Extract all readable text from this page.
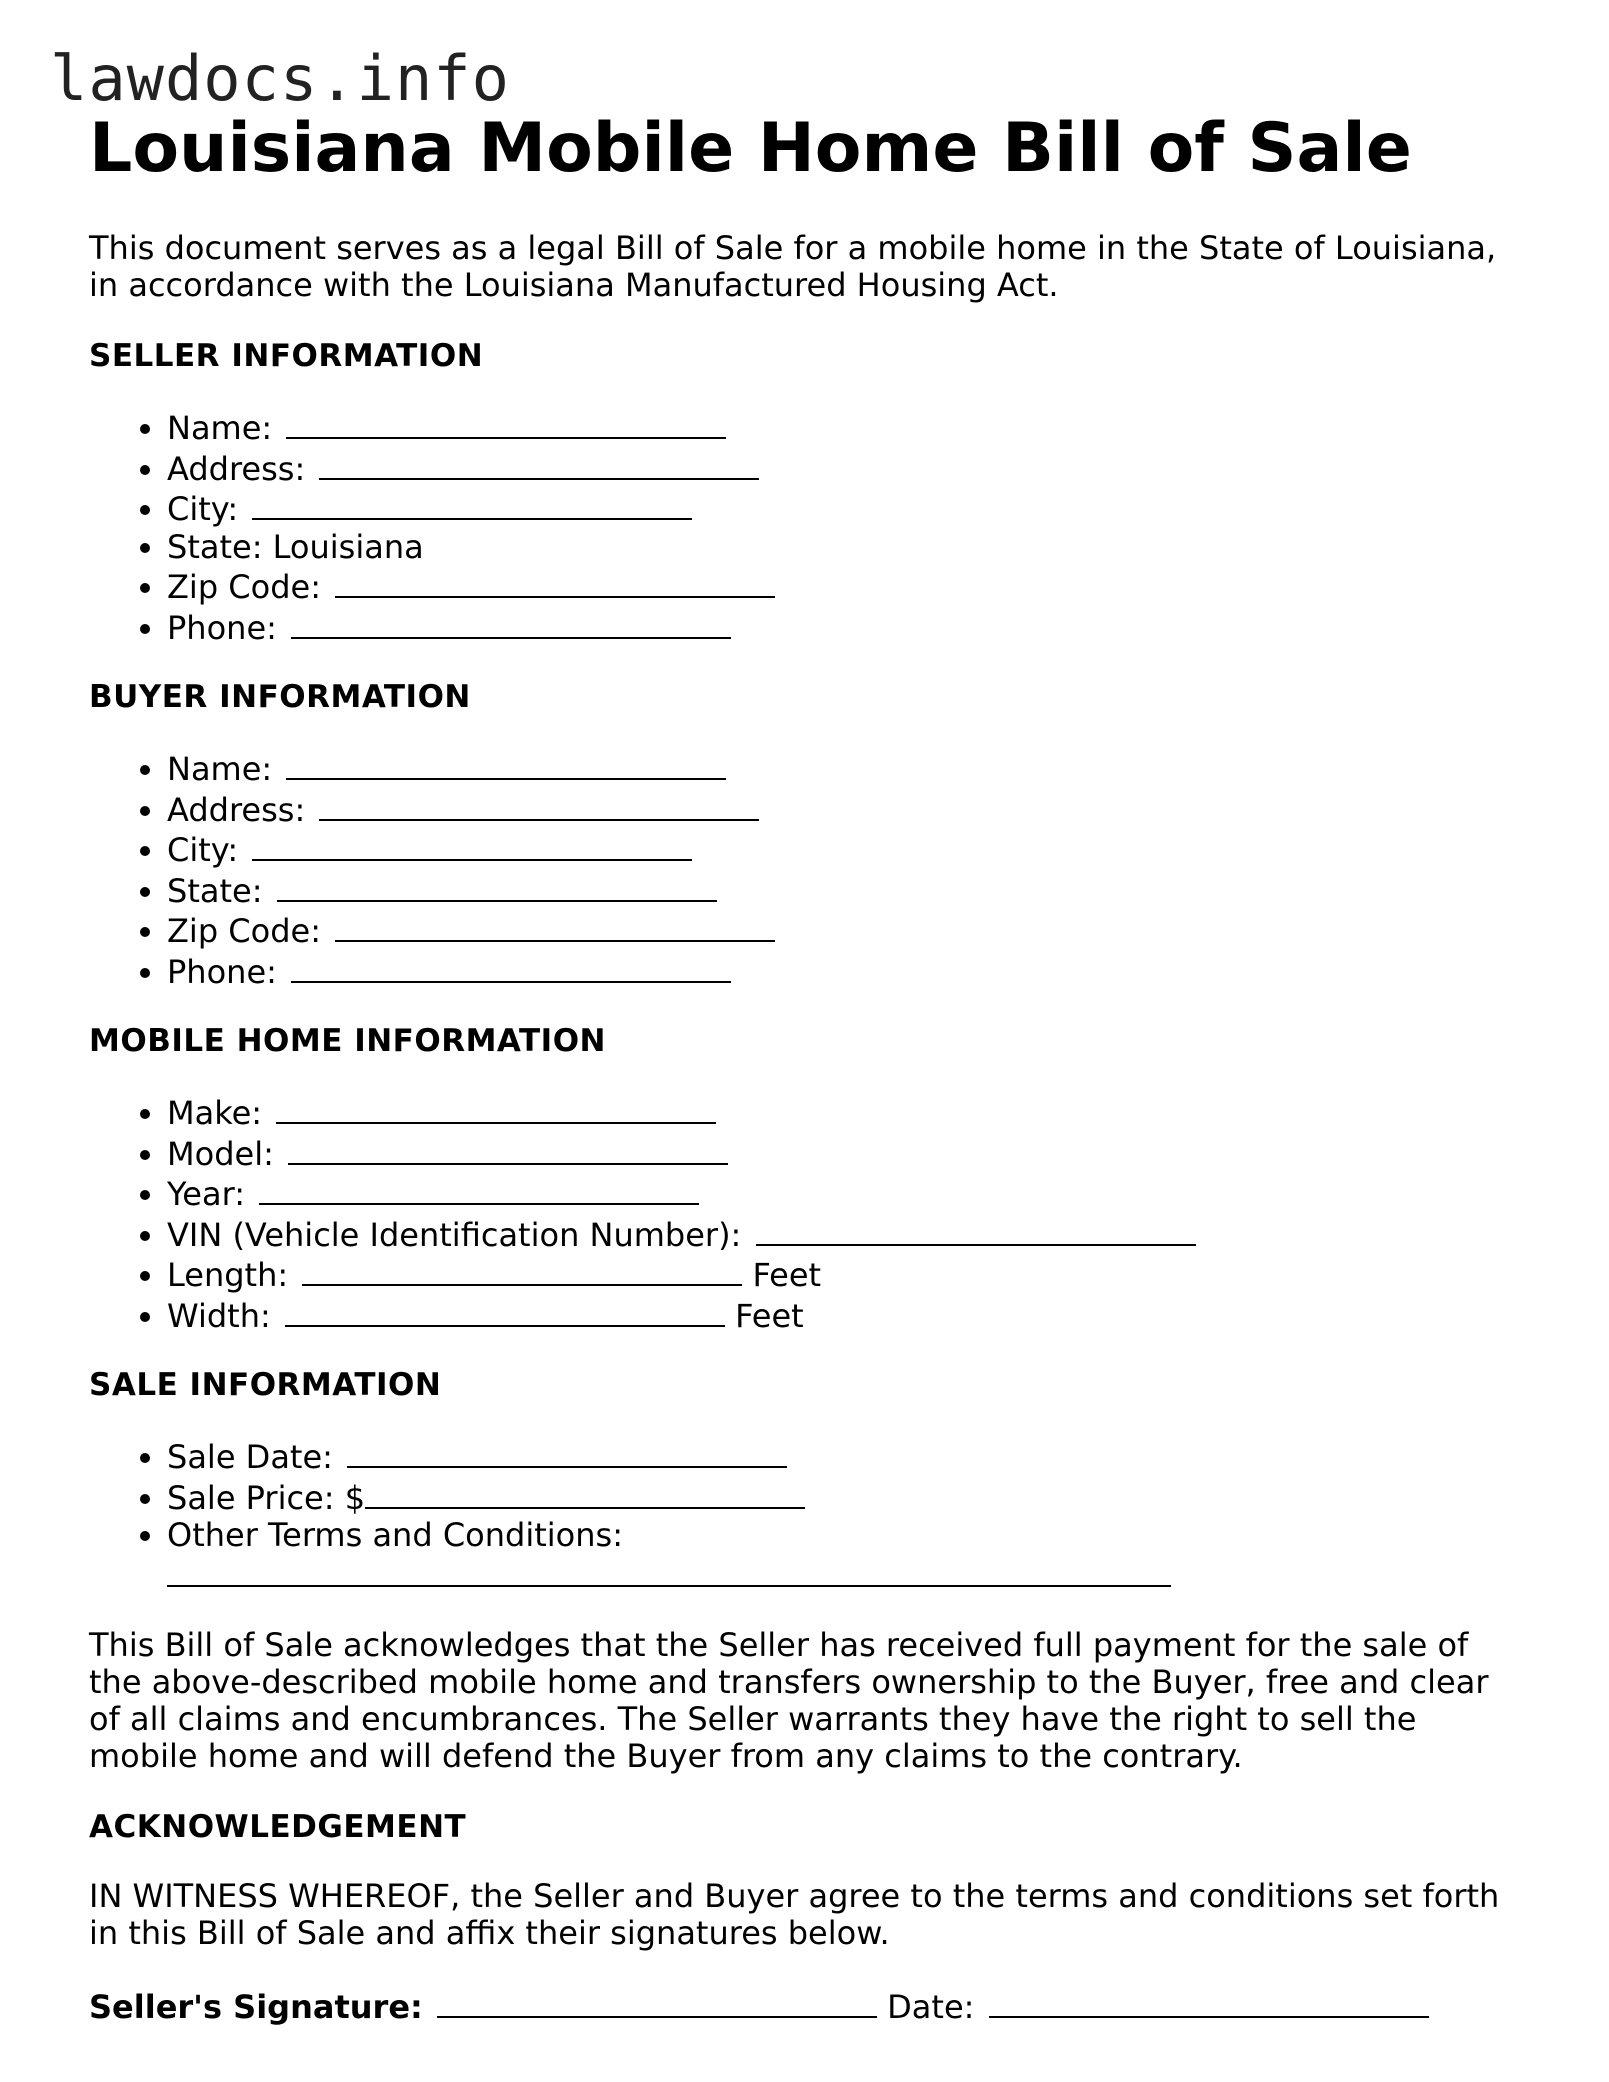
lawdocs.info
Louisiana Mobile Home Bill of Sale

This document serves as a legal Bill of Sale for a mobile home in the State of Louisiana, in accordance with the Louisiana Manufactured Housing Act.

SELLER INFORMATION
• Name:
• Address:
• City:
• State: Louisiana
• Zip Code:
• Phone:
BUYER INFORMATION
• Name:
• Address:
• City:
• State:
• Zip Code:
• Phone:
MOBILE HOME INFORMATION
• Make:
• Model:
• Year:
• VIN (Vehicle Identification Number):
• Length:	Feet
• Width:	Feet
SALE INFORMATION
• Sale Date:
• Sale Price: $
• Other Terms and Conditions:

This Bill of Sale acknowledges that the Seller has received full payment for the sale of the above-described mobile home and transfers ownership to the Buyer, free and clear of all claims and encumbrances. The Seller warrants they have the right to sell the mobile home and will defend the Buyer from any claims to the contrary.

ACKNOWLEDGEMENT

IN WITNESS WHEREOF, the Seller and Buyer agree to the terms and conditions set forth in this Bill of Sale and affix their signatures below.

Seller's Signature:	Date:
